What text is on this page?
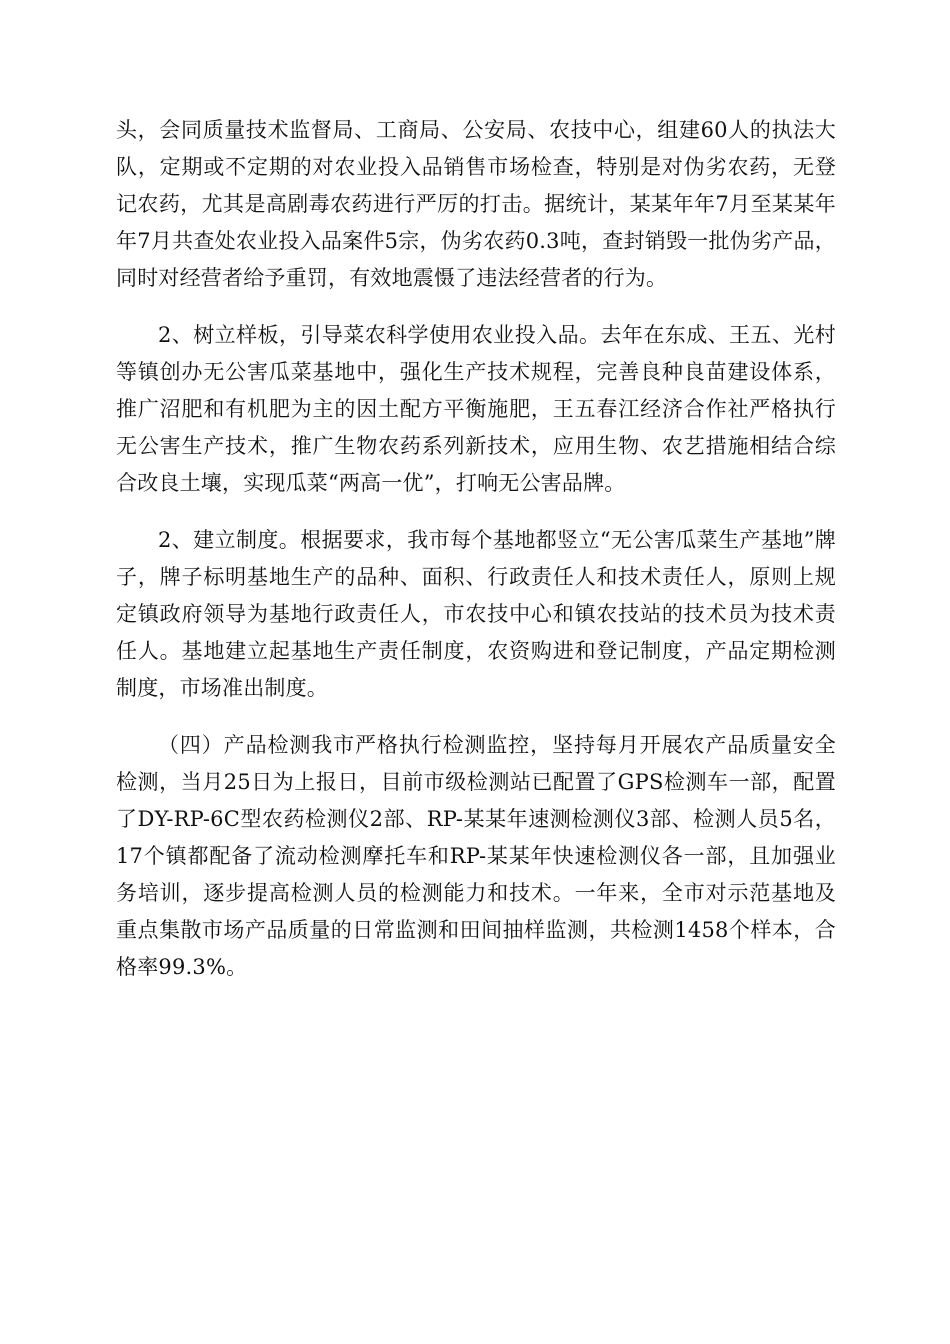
头，会同质量技术监督局、工商局、公安局、农技中心，组建60人的执法大队，定期或不定期的对农业投入品销售市场检查，特别是对伪劣农药，无登记农药，尤其是高剧毒农药进行严厉的打击。据统计，某某年年7月至某某年年7月共查处农业投入品案件5宗，伪劣农药0.3吨，查封销毁一批伪劣产品，同时对经营者给予重罚，有效地震慑了违法经营者的行为。

2、树立样板，引导菜农科学使用农业投入品。去年在东成、王五、光村等镇创办无公害瓜菜基地中，强化生产技术规程，完善良种良苗建设体系，推广沼肥和有机肥为主的因土配方平衡施肥，王五春江经济合作社严格执行无公害生产技术，推广生物农药系列新技术，应用生物、农艺措施相结合综合改良土壤，实现瓜菜“两高一优”，打响无公害品牌。

2、建立制度。根据要求，我市每个基地都竖立“无公害瓜菜生产基地”牌子，牌子标明基地生产的品种、面积、行政责任人和技术责任人，原则上规定镇政府领导为基地行政责任人，市农技中心和镇农技站的技术员为技术责任人。基地建立起基地生产责任制度，农资购进和登记制度，产品定期检测制度，市场准出制度。

（四）产品检测我市严格执行检测监控，坚持每月开展农产品质量安全检测，当月25日为上报日，目前市级检测站已配置了GPS检测车一部，配置了DY-RP-6C型农药检测仪2部、RP-某某年速测检测仪3部、检测人员5名，17个镇都配备了流动检测摩托车和RP-某某年快速检测仪各一部，且加强业务培训，逐步提高检测人员的检测能力和技术。一年来，全市对示范基地及重点集散市场产品质量的日常监测和田间抽样监测，共检测1458个样本，合格率99.3%。
